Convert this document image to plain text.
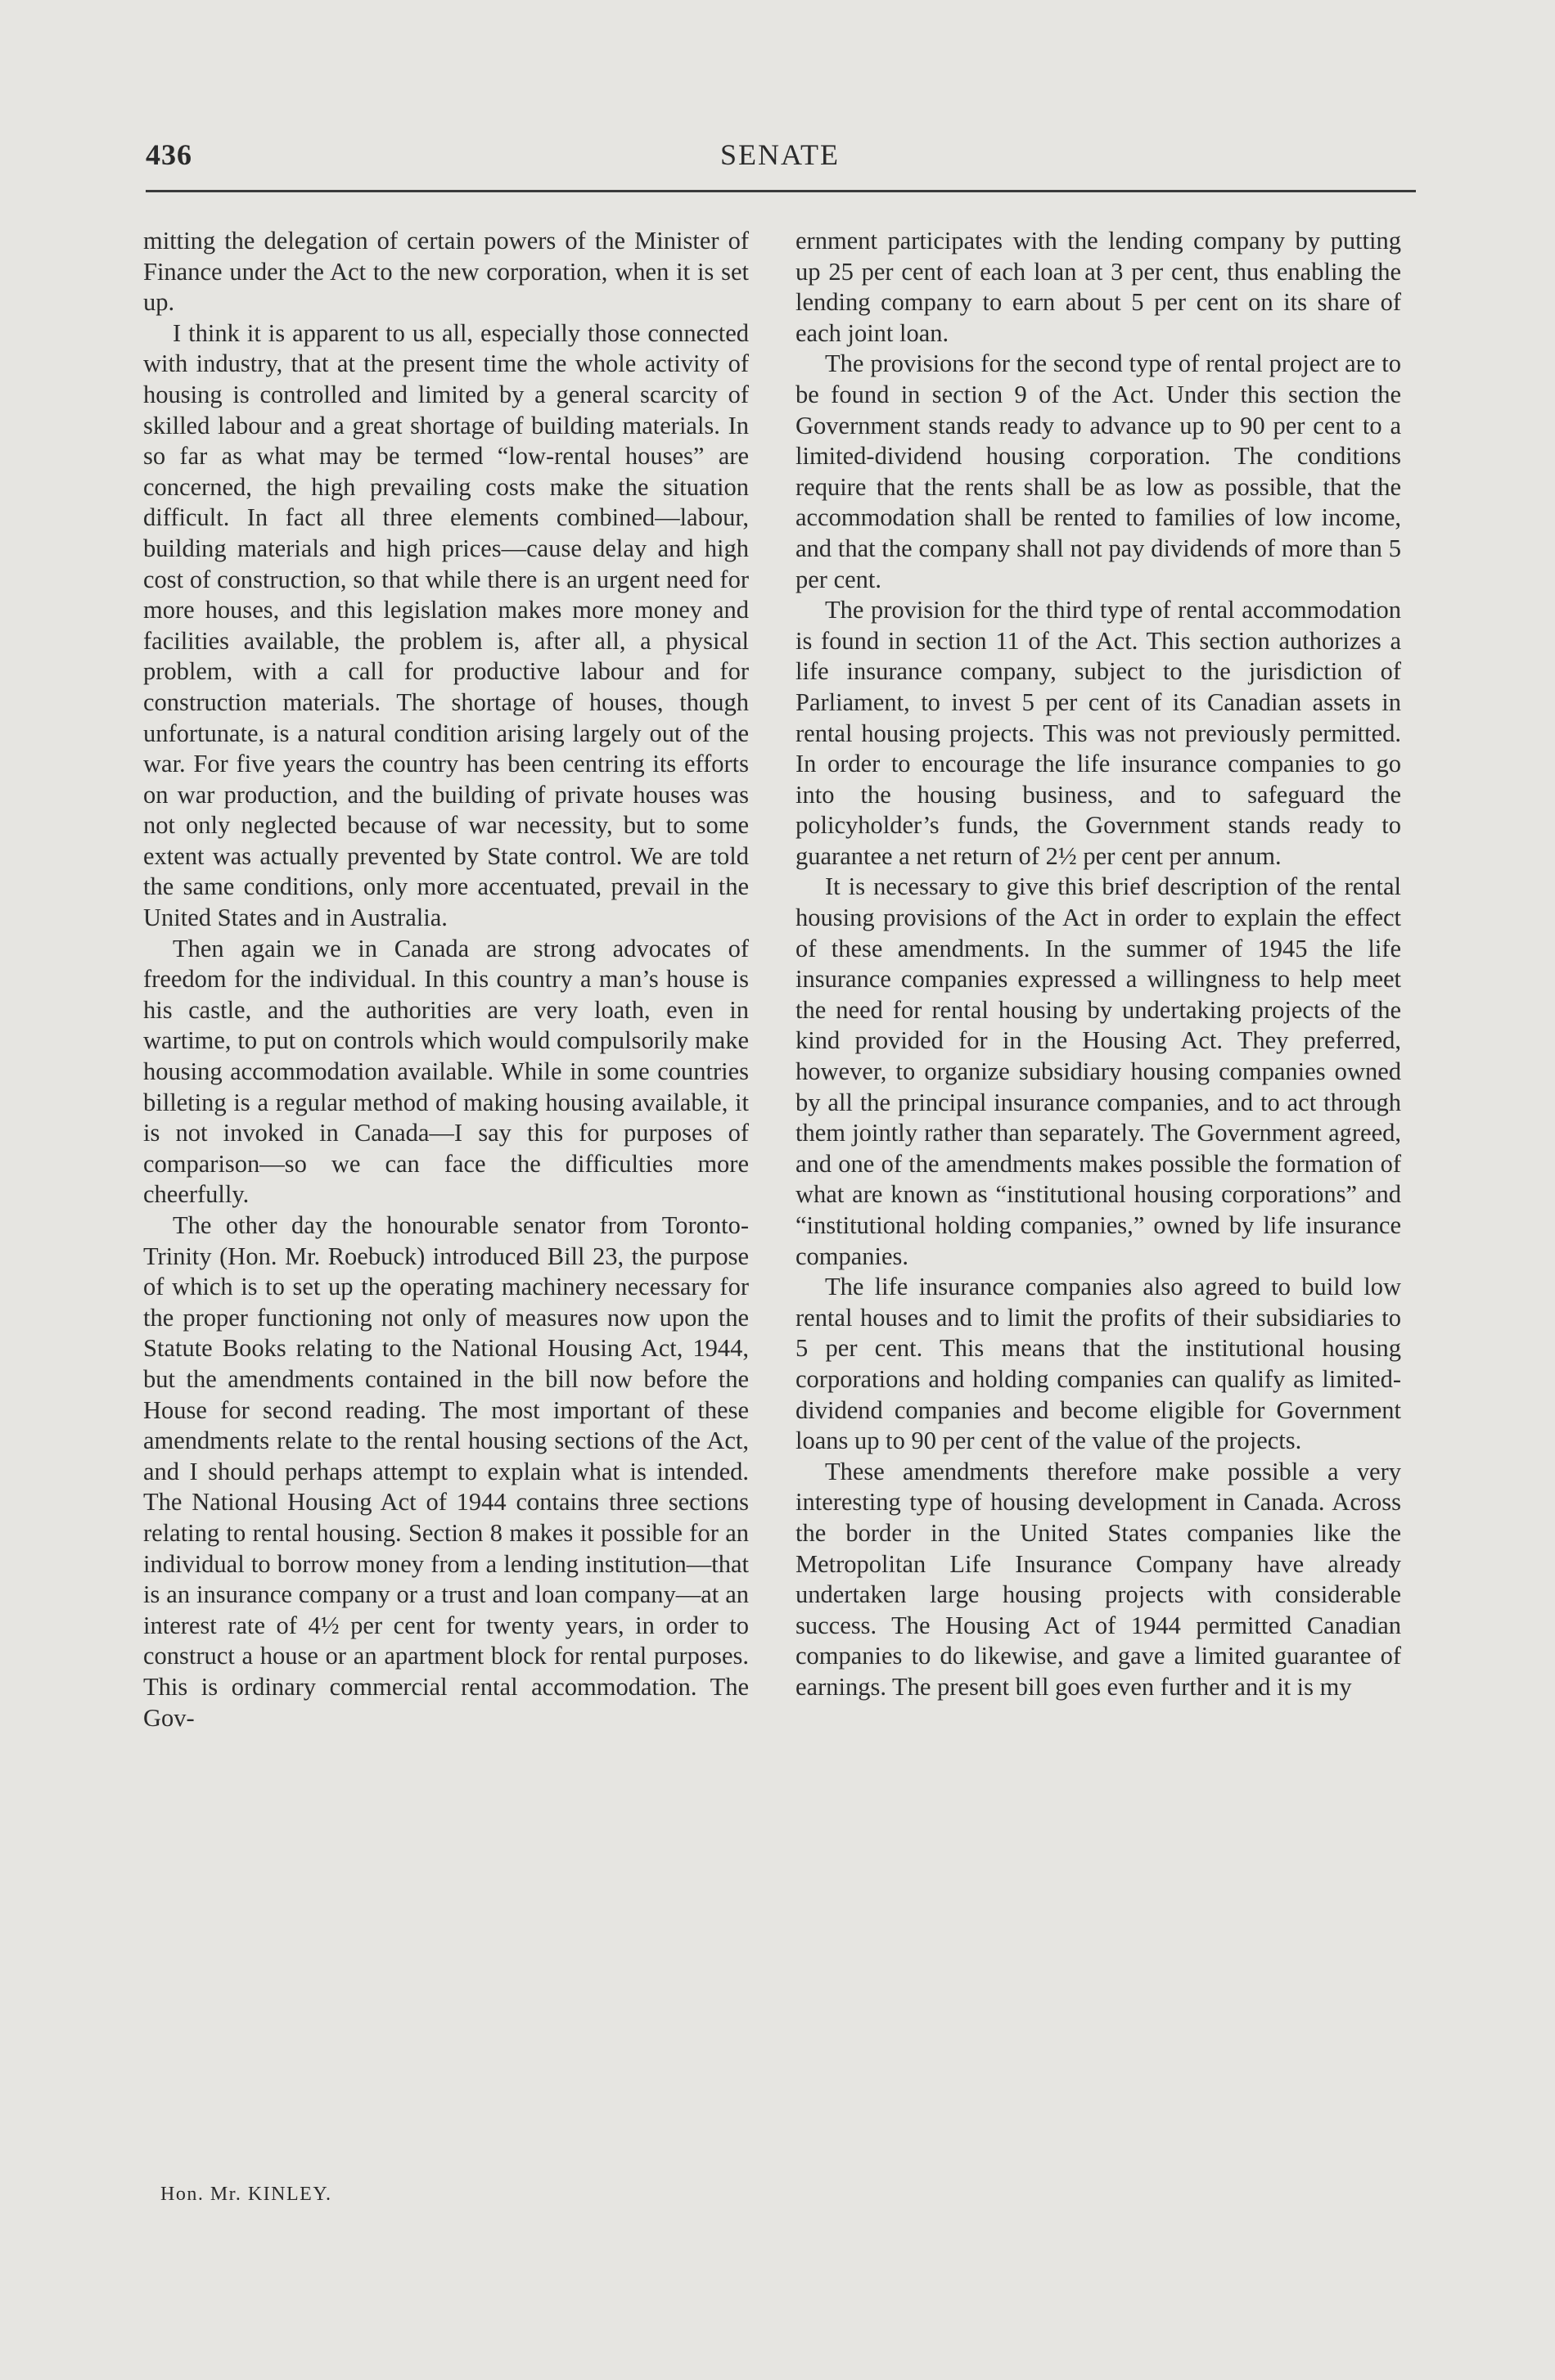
436	SENATE

mitting the delegation of certain powers of the Minister of Finance under the Act to the new corporation, when it is set up.

I think it is apparent to us all, especially those connected with industry, that at the present time the whole activity of housing is controlled and limited by a general scarcity of skilled labour and a great shortage of building materials. In so far as what may be termed “low-rental houses” are concerned, the high prevailing costs make the situation difficult. In fact all three elements combined—labour, building materials and high prices—cause delay and high cost of construction, so that while there is an urgent need for more houses, and this legislation makes more money and facilities available, the problem is, after all, a physical problem, with a call for productive labour and for construction materials. The shortage of houses, though unfortunate, is a natural condition arising largely out of the war. For five years the country has been centring its efforts on war production, and the building of private houses was not only neglected because of war necessity, but to some extent was actually prevented by State control. We are told the same conditions, only more accentuated, prevail in the United States and in Australia.

Then again we in Canada are strong advocates of freedom for the individual. In this country a man’s house is his castle, and the authorities are very loath, even in wartime, to put on controls which would compulsorily make housing accommodation available. While in some countries billeting is a regular method of making housing available, it is not invoked in Canada—I say this for purposes of comparison—so we can face the difficulties more cheerfully.

The other day the honourable senator from Toronto-Trinity (Hon. Mr. Roebuck) introduced Bill 23, the purpose of which is to set up the operating machinery necessary for the proper functioning not only of measures now upon the Statute Books relating to the National Housing Act, 1944, but the amendments contained in the bill now before the House for second reading. The most important of these amendments relate to the rental housing sections of the Act, and I should perhaps attempt to explain what is intended. The National Housing Act of 1944 contains three sections relating to rental housing. Section 8 makes it possible for an individual to borrow money from a lending institution—that is an insurance company or a trust and loan company—at an interest rate of 4½ per cent for twenty years, in order to construct a house or an apartment block for rental purposes. This is ordinary commercial rental accommodation. The Gov-

ernment participates with the lending company by putting up 25 per cent of each loan at 3 per cent, thus enabling the lending company to earn about 5 per cent on its share of each joint loan.

The provisions for the second type of rental project are to be found in section 9 of the Act. Under this section the Government stands ready to advance up to 90 per cent to a limited-dividend housing corporation. The conditions require that the rents shall be as low as possible, that the accommodation shall be rented to families of low income, and that the company shall not pay dividends of more than 5 per cent.

The provision for the third type of rental accommodation is found in section 11 of the Act. This section authorizes a life insurance company, subject to the jurisdiction of Parliament, to invest 5 per cent of its Canadian assets in rental housing projects. This was not previously permitted. In order to encourage the life insurance companies to go into the housing business, and to safeguard the policyholder’s funds, the Government stands ready to guarantee a net return of 2½ per cent per annum.

It is necessary to give this brief description of the rental housing provisions of the Act in order to explain the effect of these amendments. In the summer of 1945 the life insurance companies expressed a willingness to help meet the need for rental housing by undertaking projects of the kind provided for in the Housing Act. They preferred, however, to organize subsidiary housing companies owned by all the principal insurance companies, and to act through them jointly rather than separately. The Government agreed, and one of the amendments makes possible the formation of what are known as “institutional housing corporations” and “institutional holding companies,” owned by life insurance companies.

The life insurance companies also agreed to build low rental houses and to limit the profits of their subsidiaries to 5 per cent. This means that the institutional housing corporations and holding companies can qualify as limited-dividend companies and become eligible for Government loans up to 90 per cent of the value of the projects.

These amendments therefore make possible a very interesting type of housing development in Canada. Across the border in the United States companies like the Metropolitan Life Insurance Company have already undertaken large housing projects with considerable success. The Housing Act of 1944 permitted Canadian companies to do likewise, and gave a limited guarantee of earnings. The present bill goes even further and it is my

Hon. Mr. KINLEY.
